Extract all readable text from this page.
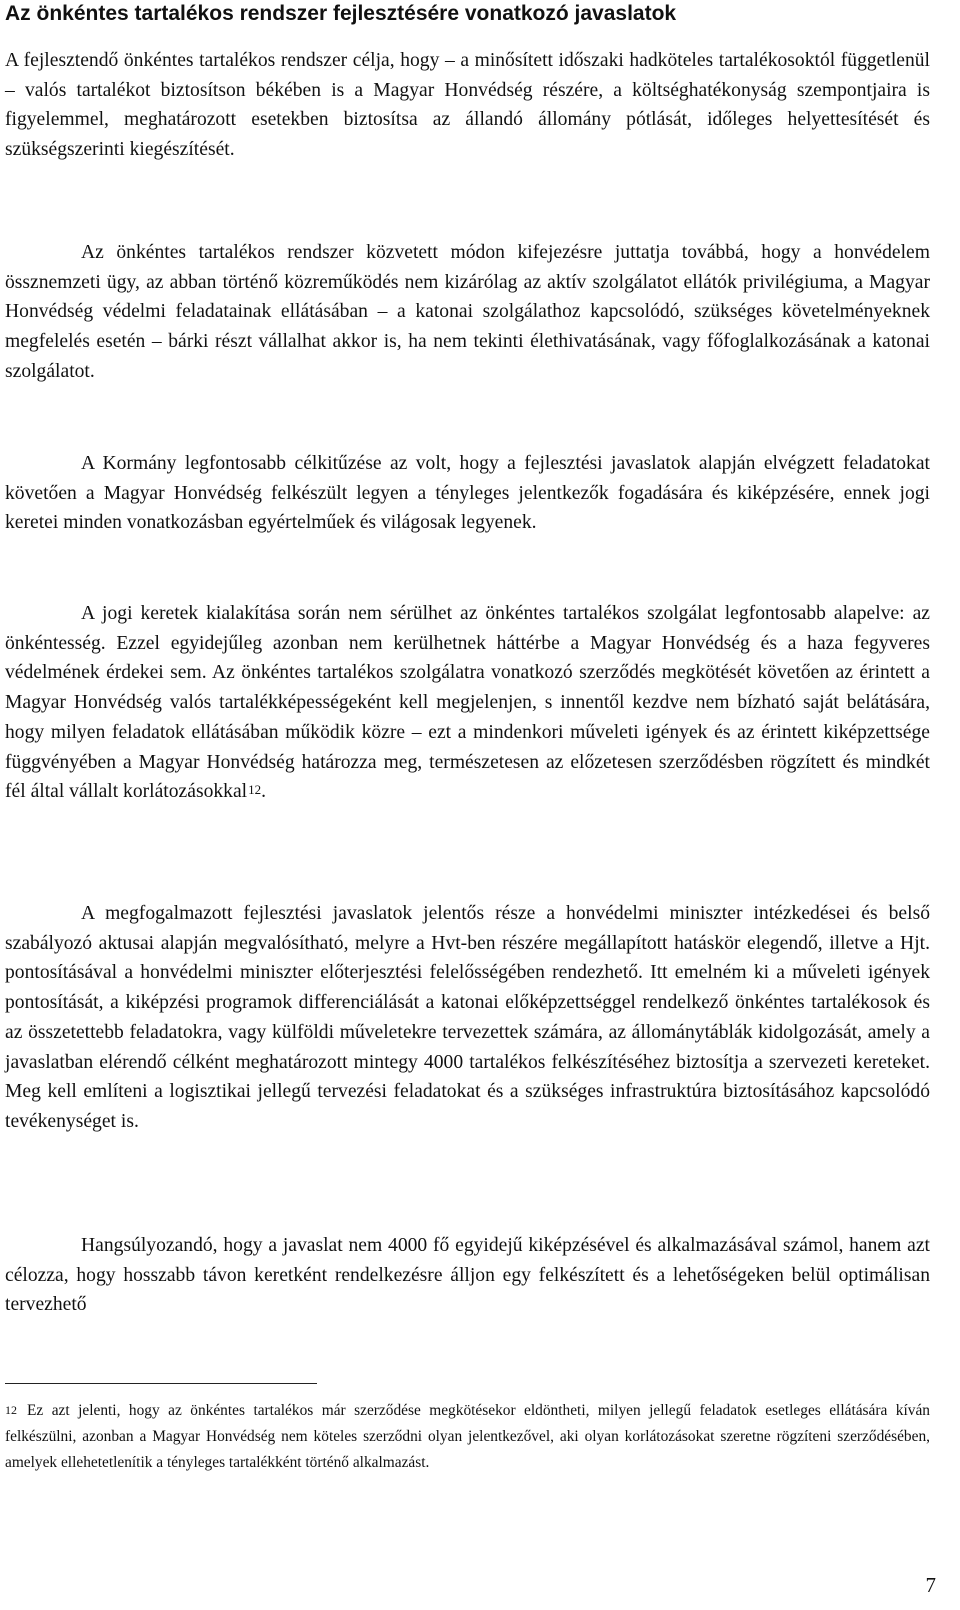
Az önkéntes tartalékos rendszer fejlesztésére vonatkozó javaslatok

A fejlesztendő önkéntes tartalékos rendszer célja, hogy – a minősített időszaki hadköteles tartalékosoktól függetlenül – valós tartalékot biztosítson békében is a Magyar Honvédség részére, a költséghatékonyság szempontjaira is figyelemmel, meghatározott esetekben biztosítsa az állandó állomány pótlását, időleges helyettesítését és szükségszerinti kiegészítését.

Az önkéntes tartalékos rendszer közvetett módon kifejezésre juttatja továbbá, hogy a honvédelem össznemzeti ügy, az abban történő közreműködés nem kizárólag az aktív szolgálatot ellátók privilégiuma, a Magyar Honvédség védelmi feladatainak ellátásában – a katonai szolgálathoz kapcsolódó, szükséges követelményeknek megfelelés esetén – bárki részt vállalhat akkor is, ha nem tekinti élethivatásának, vagy főfoglalkozásának a katonai szolgálatot.

A Kormány legfontosabb célkitűzése az volt, hogy a fejlesztési javaslatok alapján elvégzett feladatokat követően a Magyar Honvédség felkészült legyen a tényleges jelentkezők fogadására és kiképzésére, ennek jogi keretei minden vonatkozásban egyértelműek és világosak legyenek.

A jogi keretek kialakítása során nem sérülhet az önkéntes tartalékos szolgálat legfontosabb alapelve: az önkéntesség. Ezzel egyidejűleg azonban nem kerülhetnek háttérbe a Magyar Honvédség és a haza fegyveres védelmének érdekei sem. Az önkéntes tartalékos szolgálatra vonatkozó szerződés megkötését követően az érintett a Magyar Honvédség valós tartalékképességeként kell megjelenjen, s innentől kezdve nem bízható saját belátására, hogy milyen feladatok ellátásában működik közre – ezt a mindenkori műveleti igények és az érintett kiképzettsége függvényében a Magyar Honvédség határozza meg, természetesen az előzetesen szerződésben rögzített és mindkét fél által vállalt korlátozásokkal$^{12}$.

A megfogalmazott fejlesztési javaslatok jelentős része a honvédelmi miniszter intézkedései és belső szabályozó aktusai alapján megvalósítható, melyre a Hvt-ben részére megállapított hatáskör elegendő, illetve a Hjt. pontosításával a honvédelmi miniszter előterjesztési felelősségében rendezhető. Itt emelném ki a műveleti igények pontosítását, a kiképzési programok differenciálását a katonai előképzettséggel rendelkező önkéntes tartalékosok és az összetettebb feladatokra, vagy külföldi műveletekre tervezettek számára, az állománytáblák kidolgozását, amely a javaslatban elérendő célként meghatározott mintegy 4000 tartalékos felkészítéséhez biztosítja a szervezeti kereteket. Meg kell említeni a logisztikai jellegű tervezési feladatokat és a szükséges infrastruktúra biztosításához kapcsolódó tevékenységet is.

Hangsúlyozandó, hogy a javaslat nem 4000 fő egyidejű kiképzésével és alkalmazásával számol, hanem azt célozza, hogy hosszabb távon keretként rendelkezésre álljon egy felkészített és a lehetőségeken belül optimálisan tervezhető

$^{12}$ Ez azt jelenti, hogy az önkéntes tartalékos már szerződése megkötésekor eldöntheti, milyen jellegű feladatok esetleges ellátására kíván felkészülni, azonban a Magyar Honvédség nem köteles szerződni olyan jelentkezővel, aki olyan korlátozásokat szeretne rögzíteni szerződésében, amelyek ellehetetlenítik a tényleges tartalékként történő alkalmazást.

7
